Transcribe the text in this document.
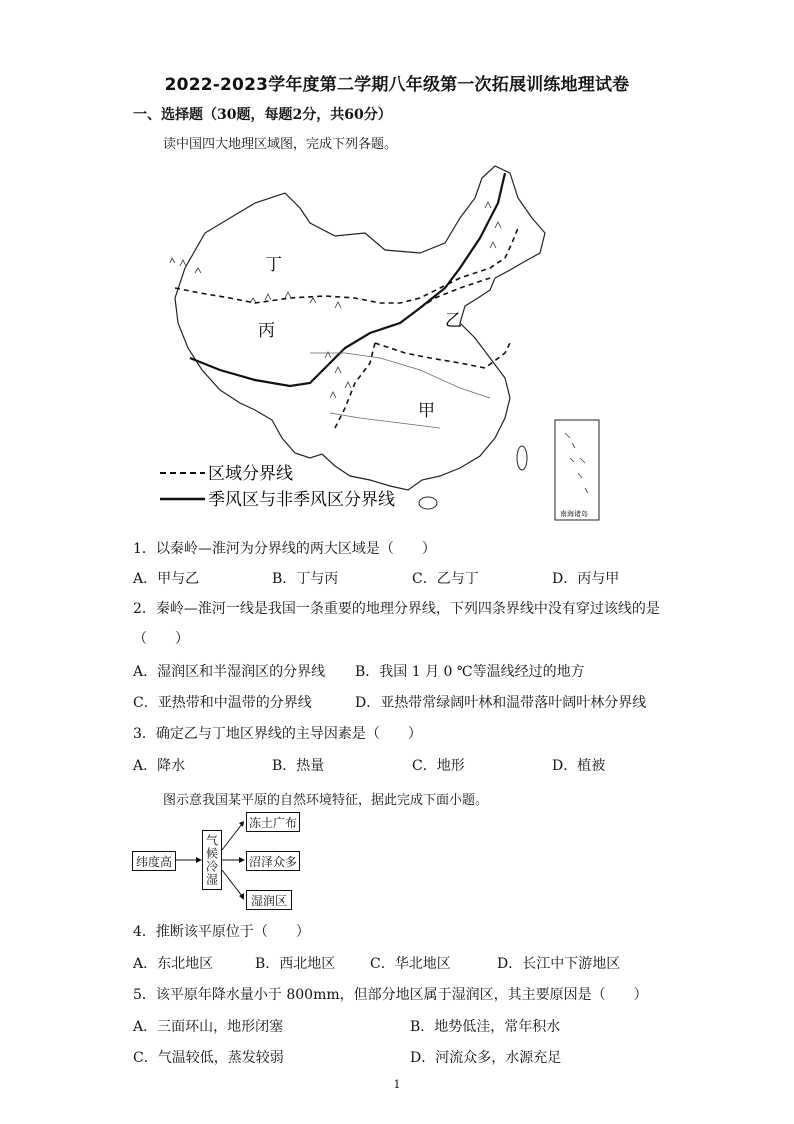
2022-2023学年度第二学期八年级第一次拓展训练地理试卷
一、选择题（30题，每题2分，共60分）
读中国四大地理区域图，完成下列各题。
丁
丙	乙
甲
区域分界线
季风区与非季风区分界线
南海诸岛
1．以秦岭—淮河为分界线的两大区域是（　　）
A．甲与乙	B．丁与丙	C．乙与丁	D．丙与甲
2．秦岭—淮河一线是我国一条重要的地理分界线，下列四条界线中没有穿过该线的是
（　　）
A．湿润区和半湿润区的分界线 B．我国 1 月 0 ℃等温线经过的地方
C．亚热带和中温带的分界线	D．亚热带常绿阔叶林和温带落叶阔叶林分界线
3．确定乙与丁地区界线的主导因素是（　　）
A．降水	B．热量	C．地形	D．植被
图示意我国某平原的自然环境特征，据此完成下面小题。
纬度高	气候冷湿
冻土广布
沼泽众多
湿润区
4．推断该平原位于（　　）
A．东北地区	B．西北地区 C．华北地区	D．长江中下游地区
5．该平原年降水量小于 800mm，但部分地区属于湿润区，其主要原因是（　　）
A．三面环山，地形闭塞	B．地势低洼，常年积水
C．气温较低，蒸发较弱	D．河流众多，水源充足
1
